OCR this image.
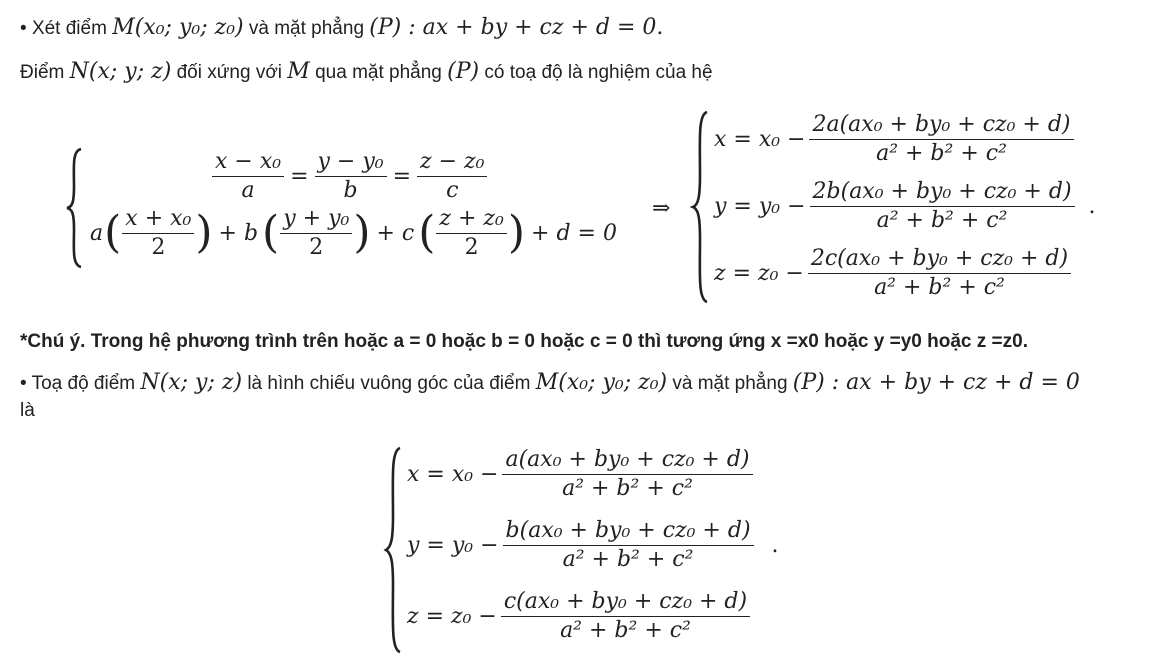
• Xét điểm M(x₀; y₀; z₀) và mặt phẳng (P) : ax + by + cz + d = 0.
Điểm N(x; y; z) đối xứng với M qua mặt phẳng (P) có toạ độ là nghiệm của hệ
$\frac{\text{x − x₀}}{a} = \frac{\text{y − y₀}}{b} = \frac{\text{z − z₀}}{c}$
a ( $\frac{\text{x + x₀}}{2}$ ) + b ( $\frac{\text{y + y₀}}{2}$ ) + c ( $\frac{\text{z + z₀}}{2}$ ) + d = 0
⇒
$x = x_0 - \frac{\text{2a(ax₀ + by₀ + cz₀ + d)}}{\text{a² + b² + c²}}$
$y = y_0 - \frac{\text{2b(ax₀ + by₀ + cz₀ + d)}}{\text{a² + b² + c²}}$ .
$z = z_0 - \frac{\text{2c(ax₀ + by₀ + cz₀ + d)}}{\text{a² + b² + c²}}$
*Chú ý. Trong hệ phương trình trên hoặc a = 0 hoặc b = 0 hoặc c = 0 thì tương ứng x =x0 hoặc y =y0 hoặc z =z0.
• Toạ độ điểm N(x; y; z) là hình chiếu vuông góc của điểm M(x₀; y₀; z₀) và mặt phẳng (P) : ax + by + cz + d = 0
là
$x = x_0 - \frac{\text{a(ax₀ + by₀ + cz₀ + d)}}{\text{a² + b² + c²}}$
$y = y_0 - \frac{\text{b(ax₀ + by₀ + cz₀ + d)}}{\text{a² + b² + c²}}$ .
$z = z_0 - \frac{\text{c(ax₀ + by₀ + cz₀ + d)}}{\text{a² + b² + c²}}$
